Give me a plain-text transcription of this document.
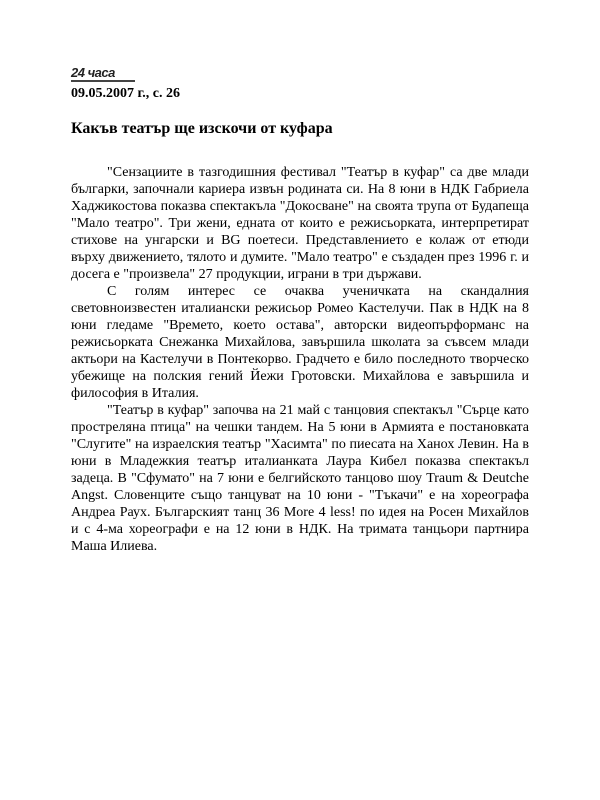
24 часа
09.05.2007 г., с. 26
Какъв театър ще изскочи от куфара

"Сензациите в тазгодишния фестивал "Театър в куфар" са две млади българки, започнали кариера извън родината си. На 8 юни в НДК Габриела Хаджикостова показва спектакъла "Докосване" на своята трупа от Будапеща "Мало театро". Три жени, едната от които е режисьорката, интерпретират стихове на унгарски и BG поетеси. Представлението е колаж от етюди върху движението, тялото и думите. "Мало театро" е създаден през 1996 г. и досега е "произвела" 27 продукции, играни в три държави.

С голям интерес се очаква ученичката на скандалния световноизвестен италиански режисьор Ромео Кастелучи. Пак в НДК на 8 юни гледаме "Времето, което остава", авторски видеопърформанс на режисьорката Снежанка Михайлова, завършила школата за съвсем млади актьори на Кастелучи в Понтекорво. Градчето е било последното творческо убежище на полския гений Йежи Гротовски. Михайлова е завършила и философия в Италия.

"Театър в куфар" започва на 21 май с танцовия спектакъл "Сърце като простреляна птица" на чешки тандем. На 5 юни в Армията е постановката "Слугите" на израелския театър "Хасимта" по пиесата на Ханох Левин. На в юни в Младежкия театър италианката Лаура Кибел показва спектакъл задеца. В "Сфумато" на 7 юни е белгийското танцово шоу Traum & Deutche Angst. Словенците също танцуват на 10 юни - "Тъкачи" е на хореографа Андреа Раух. Българският танц 36 More 4 less! по идея на Росен Михайлов и с 4-ма хореографи е на 12 юни в НДК. На тримата танцьори партнира Маша Илиева.
